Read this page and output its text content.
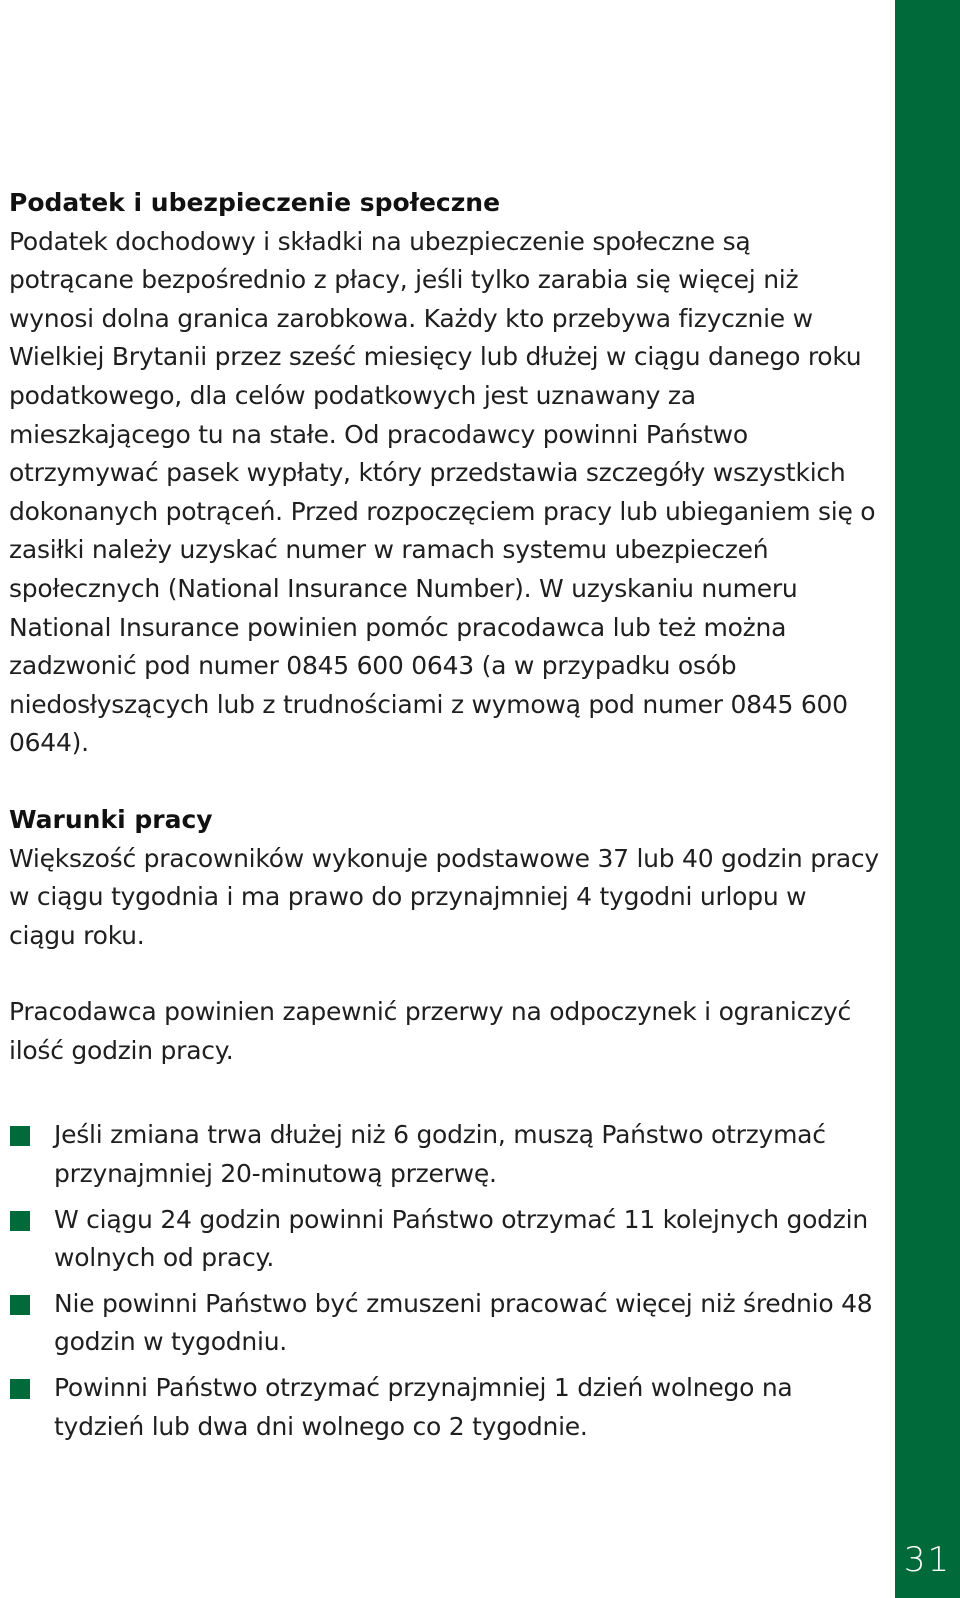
31
Podatek i ubezpieczenie społeczne

Podatek dochodowy i składki na ubezpieczenie społeczne są potrącane bezpośrednio z płacy, jeśli tylko zarabia się więcej niż wynosi dolna granica zarobkowa. Każdy kto przebywa fizycznie w Wielkiej Brytanii przez sześć miesięcy lub dłużej w ciągu danego roku podatkowego, dla celów podatkowych jest uznawany za mieszkającego tu na stałe. Od pracodawcy powinni Państwo otrzymywać pasek wypłaty, który przedstawia szczegóły wszystkich dokonanych potrąceń. Przed rozpoczęciem pracy lub ubieganiem się o zasiłki należy uzyskać numer w ramach systemu ubezpieczeń społecznych (National Insurance Number). W uzyskaniu numeru National Insurance powinien pomóc pracodawca lub też można zadzwonić pod numer 0845 600 0643 (a w przypadku osób niedosłyszących lub z trudnościami z wymową pod numer 0845 600 0644).

Warunki pracy

Większość pracowników wykonuje podstawowe 37 lub 40 godzin pracy w ciągu tygodnia i ma prawo do przynajmniej 4 tygodni urlopu w ciągu roku.

Pracodawca powinien zapewnić przerwy na odpoczynek i ograniczyć ilość godzin pracy.

Jeśli zmiana trwa dłużej niż 6 godzin, muszą Państwo otrzymać przynajmniej 20-minutową przerwę.
W ciągu 24 godzin powinni Państwo otrzymać 11 kolejnych godzin wolnych od pracy.
Nie powinni Państwo być zmuszeni pracować więcej niż średnio 48 godzin w tygodniu.
Powinni Państwo otrzymać przynajmniej 1 dzień wolnego na tydzień lub dwa dni wolnego co 2 tygodnie.
